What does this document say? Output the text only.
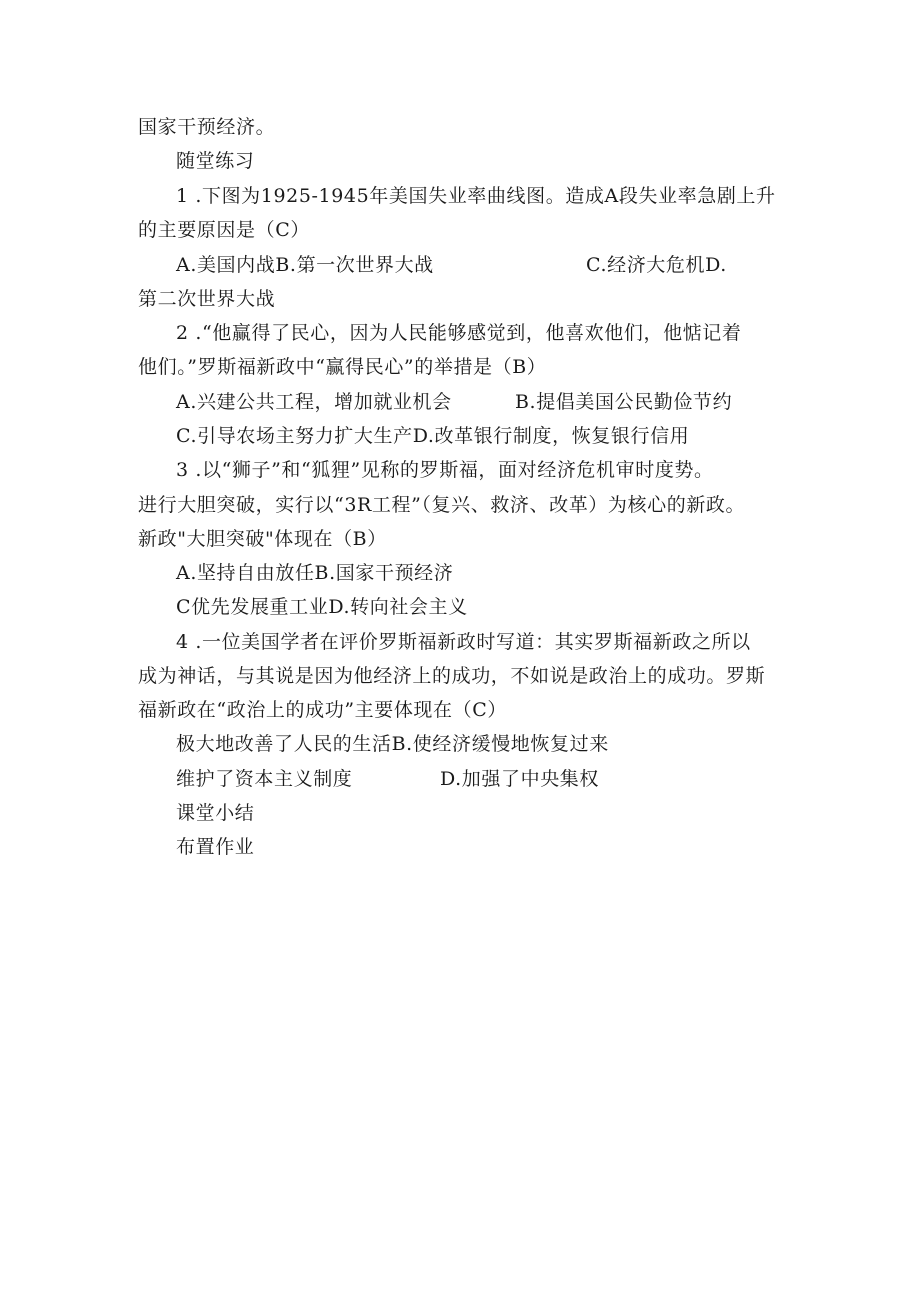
国家干预经济。
随堂练习
1 .下图为1925-1945年美国失业率曲线图。造成A段失业率急剧上升
的主要原因是（C）
A.美国内战B.第一次世界大战	C.经济大危机D.
第二次世界大战
2 .“他赢得了民心，因为人民能够感觉到，他喜欢他们，他惦记着
他们。”罗斯福新政中“赢得民心”的举措是（B）
A.兴建公共工程，增加就业机会	B.提倡美国公民勤俭节约
C.引导农场主努力扩大生产D.改革银行制度，恢复银行信用
3 .以“狮子”和“狐狸”见称的罗斯福，面对经济危机审时度势。
进行大胆突破，实行以“3R工程”（复兴、救济、改革）为核心的新政。
新政"大胆突破"体现在（B）
A.坚持自由放任B.国家干预经济
C优先发展重工业D.转向社会主义
4 .一位美国学者在评价罗斯福新政时写道：其实罗斯福新政之所以
成为神话，与其说是因为他经济上的成功，不如说是政治上的成功。罗斯
福新政在“政治上的成功”主要体现在（C）
极大地改善了人民的生活B.使经济缓慢地恢复过来
维护了资本主义制度	D.加强了中央集权
课堂小结
布置作业
